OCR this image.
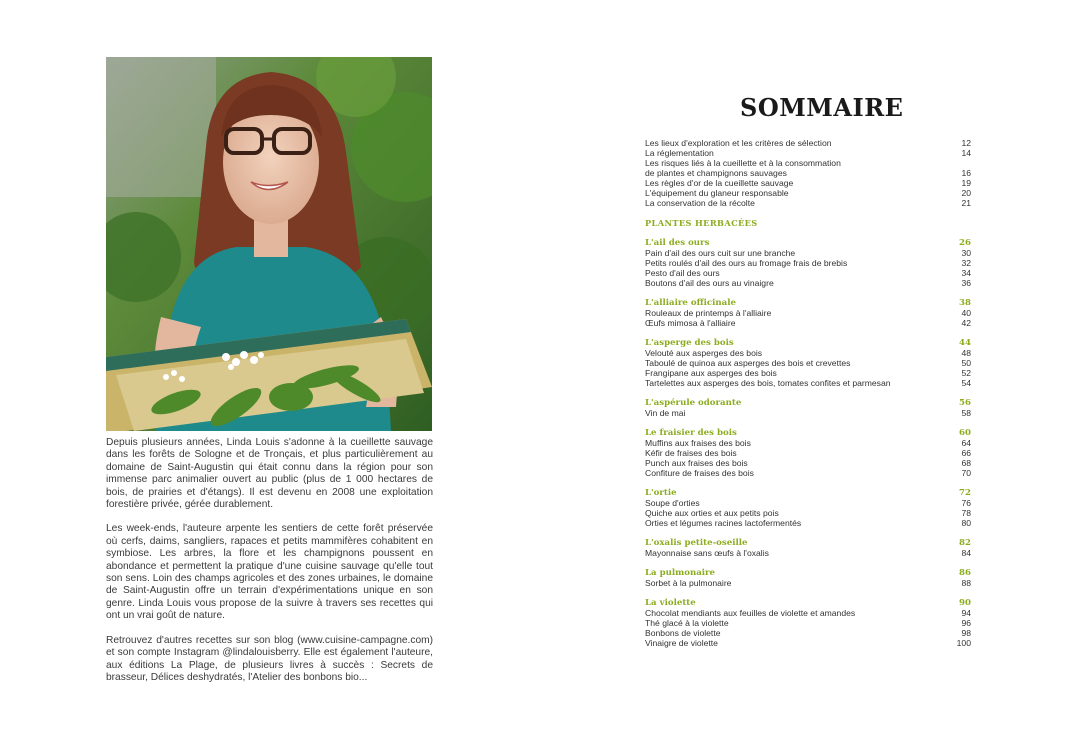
Depuis plusieurs années, Linda Louis s'adonne à la cueillette sauvage dans les forêts de Sologne et de Tronçais, et plus particulièrement au domaine de Saint-Augustin qui était connu dans la région pour son immense parc animalier ouvert au public (plus de 1 000 hectares de bois, de prairies et d'étangs). Il est devenu en 2008 une exploitation forestière privée, gérée durablement.

Les week-ends, l'auteure arpente les sentiers de cette forêt préservée où cerfs, daims, sangliers, rapaces et petits mammifères cohabitent en symbiose. Les arbres, la flore et les champignons poussent en abondance et permettent la pratique d'une cuisine sauvage qu'elle tout son sens. Loin des champs agricoles et des zones urbaines, le domaine de Saint-Augustin offre un terrain d'expérimentations unique en son genre. Linda Louis vous propose de la suivre à travers ses recettes qui ont un vrai goût de nature.

Retrouvez d'autres recettes sur son blog (www.cuisine-campagne.com) et son compte Instagram @lindalouisberry. Elle est également l'auteure, aux éditions La Plage, de plusieurs livres à succès : Secrets de brasseur, Délices deshydratés, l'Atelier des bonbons bio...

SOMMAIRE
Les lieux d'exploration et les critères de sélection	12
La réglementation	14
Les risques liés à la cueillette et à la consommation
de plantes et champignons sauvages	16
Les règles d'or de la cueillette sauvage	19
L'équipement du glaneur responsable	20
La conservation de la récolte	21
PLANTES HERBACÉES
L'ail des ours	26
Pain d'ail des ours cuit sur une branche	30
Petits roulés d'ail des ours au fromage frais de brebis	32
Pesto d'ail des ours	34
Boutons d'ail des ours au vinaigre	36
L'alliaire officinale	38
Rouleaux de printemps à l'alliaire	40
Œufs mimosa à l'alliaire	42
L'asperge des bois	44
Velouté aux asperges des bois	48
Taboulé de quinoa aux asperges des bois et crevettes	50
Frangipane aux asperges des bois	52
Tartelettes aux asperges des bois, tomates confites et parmesan	54
L'aspérule odorante	56
Vin de mai	58
Le fraisier des bois	60
Muffins aux fraises des bois	64
Kéfir de fraises des bois	66
Punch aux fraises des bois	68
Confiture de fraises des bois	70
L'ortie	72
Soupe d'orties	76
Quiche aux orties et aux petits pois	78
Orties et légumes racines lactofermentés	80
L'oxalis petite-oseille	82
Mayonnaise sans œufs à l'oxalis	84
La pulmonaire	86
Sorbet à la pulmonaire	88
La violette	90
Chocolat mendiants aux feuilles de violette et amandes	94
Thé glacé à la violette	96
Bonbons de violette	98
Vinaigre de violette	100
